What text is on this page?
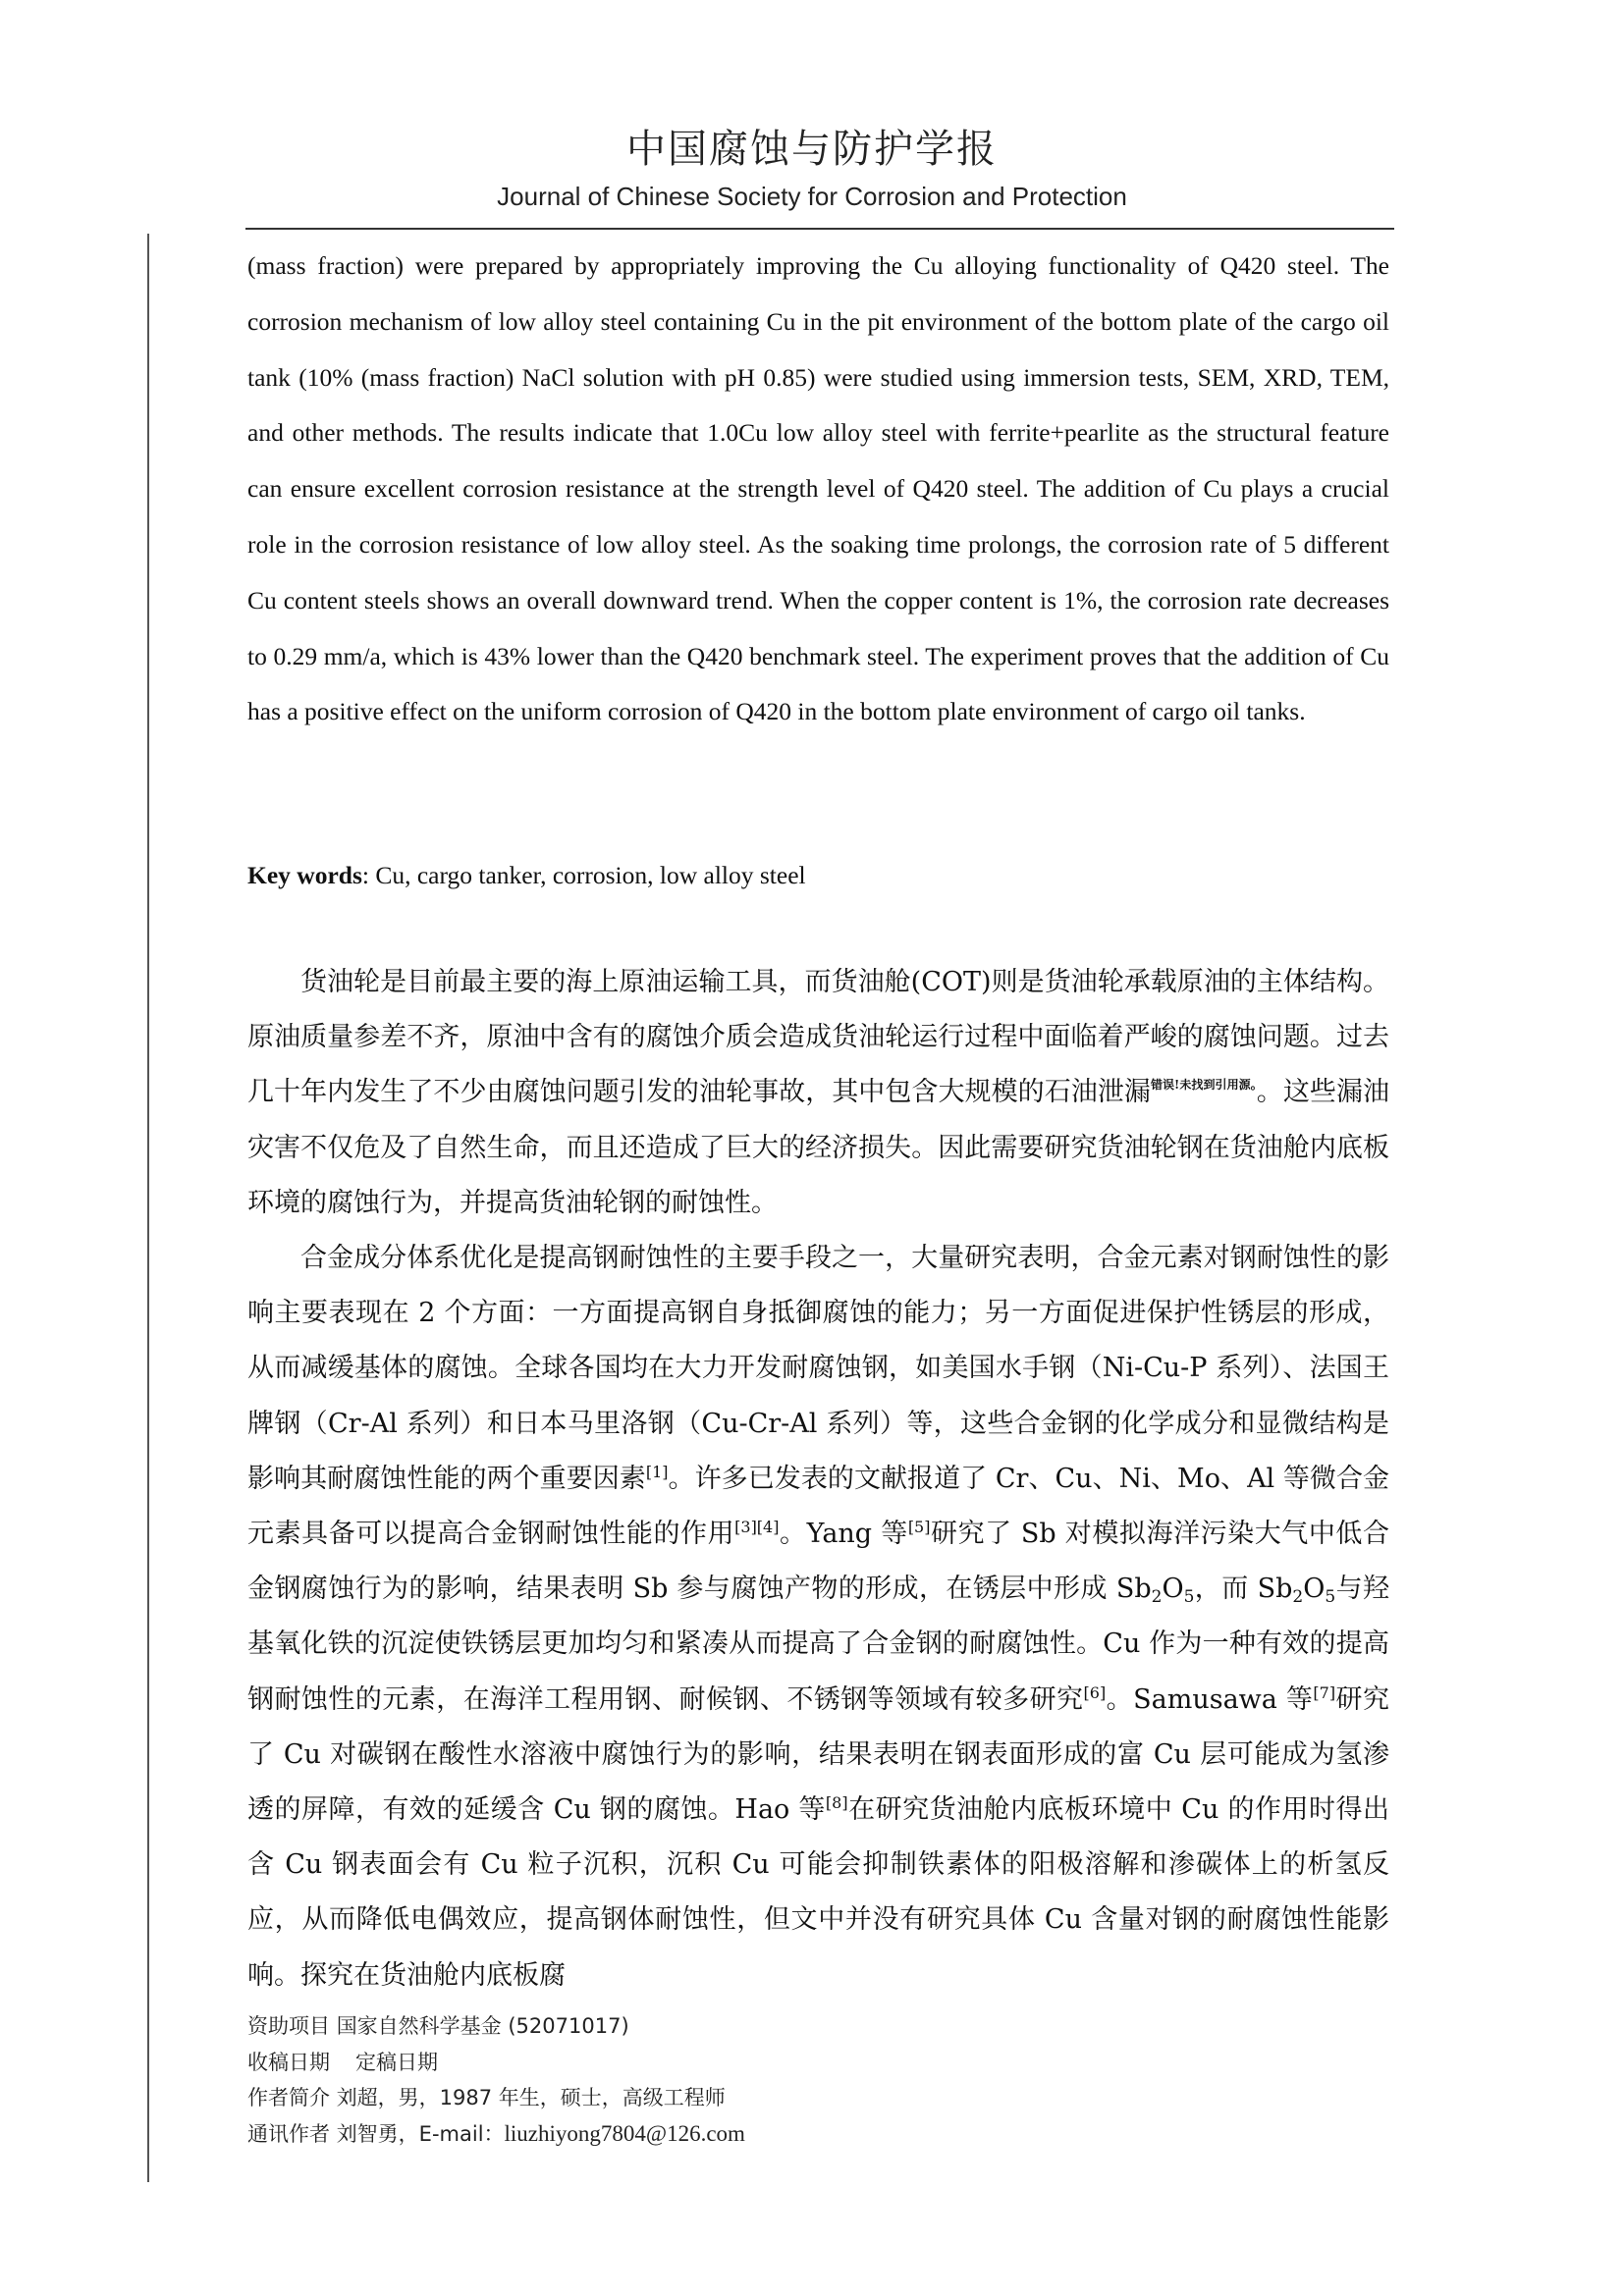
中国腐蚀与防护学报
Journal of Chinese Society for Corrosion and Protection

(mass fraction) were prepared by appropriately improving the Cu alloying functionality of Q420 steel. The corrosion mechanism of low alloy steel containing Cu in the pit environment of the bottom plate of the cargo oil tank (10% (mass fraction) NaCl solution with pH 0.85) were studied using immersion tests, SEM, XRD, TEM, and other methods. The results indicate that 1.0Cu low alloy steel with ferrite+pearlite as the structural feature can ensure excellent corrosion resistance at the strength level of Q420 steel. The addition of Cu plays a crucial role in the corrosion resistance of low alloy steel. As the soaking time prolongs, the corrosion rate of 5 different Cu content steels shows an overall downward trend. When the copper content is 1%, the corrosion rate decreases to 0.29 mm/a, which is 43% lower than the Q420 benchmark steel. The experiment proves that the addition of Cu has a positive effect on the uniform corrosion of Q420 in the bottom plate environment of cargo oil tanks.

Key words: Cu, cargo tanker, corrosion, low alloy steel

货油轮是目前最主要的海上原油运输工具，而货油舱(COT)则是货油轮承载原油的主体结构。原油质量参差不齐，原油中含有的腐蚀介质会造成货油轮运行过程中面临着严峻的腐蚀问题。过去几十年内发生了不少由腐蚀问题引发的油轮事故，其中包含大规模的石油泄漏$^{错误!未找到引用源。}$。这些漏油灾害不仅危及了自然生命，而且还造成了巨大的经济损失。因此需要研究货油轮钢在货油舱内底板环境的腐蚀行为，并提高货油轮钢的耐蚀性。

合金成分体系优化是提高钢耐蚀性的主要手段之一，大量研究表明，合金元素对钢耐蚀性的影响主要表现在 2 个方面：一方面提高钢自身抵御腐蚀的能力；另一方面促进保护性锈层的形成，从而减缓基体的腐蚀。全球各国均在大力开发耐腐蚀钢，如美国水手钢（Ni-Cu-P 系列）、法国王牌钢（Cr-Al 系列）和日本马里洛钢（Cu-Cr-Al 系列）等，这些合金钢的化学成分和显微结构是影响其耐腐蚀性能的两个重要因素[1]。许多已发表的文献报道了 Cr、Cu、Ni、Mo、Al 等微合金元素具备可以提高合金钢耐蚀性能的作用[3][4]。Yang 等[5]研究了 Sb 对模拟海洋污染大气中低合金钢腐蚀行为的影响，结果表明 Sb 参与腐蚀产物的形成，在锈层中形成 $Sb_2O_5$，而 $Sb_2O_5$与羟基氧化铁的沉淀使铁锈层更加均匀和紧凑从而提高了合金钢的耐腐蚀性。Cu 作为一种有效的提高钢耐蚀性的元素，在海洋工程用钢、耐候钢、不锈钢等领域有较多研究[6]。Samusawa 等[7]研究了 Cu 对碳钢在酸性水溶液中腐蚀行为的影响，结果表明在钢表面形成的富 Cu 层可能成为氢渗透的屏障，有效的延缓含 Cu 钢的腐蚀。Hao 等[8]在研究货油舱内底板环境中 Cu 的作用时得出含 Cu 钢表面会有 Cu 粒子沉积，沉积 Cu 可能会抑制铁素体的阳极溶解和渗碳体上的析氢反应，从而降低电偶效应，提高钢体耐蚀性，但文中并没有研究具体 Cu 含量对钢的耐腐蚀性能影响。探究在货油舱内底板腐

资助项目 国家自然科学基金 (52071017)
收稿日期 定稿日期
作者简介 刘超，男，1987 年生，硕士，高级工程师
通讯作者 刘智勇，E-mail：liuzhiyong7804@126.com
